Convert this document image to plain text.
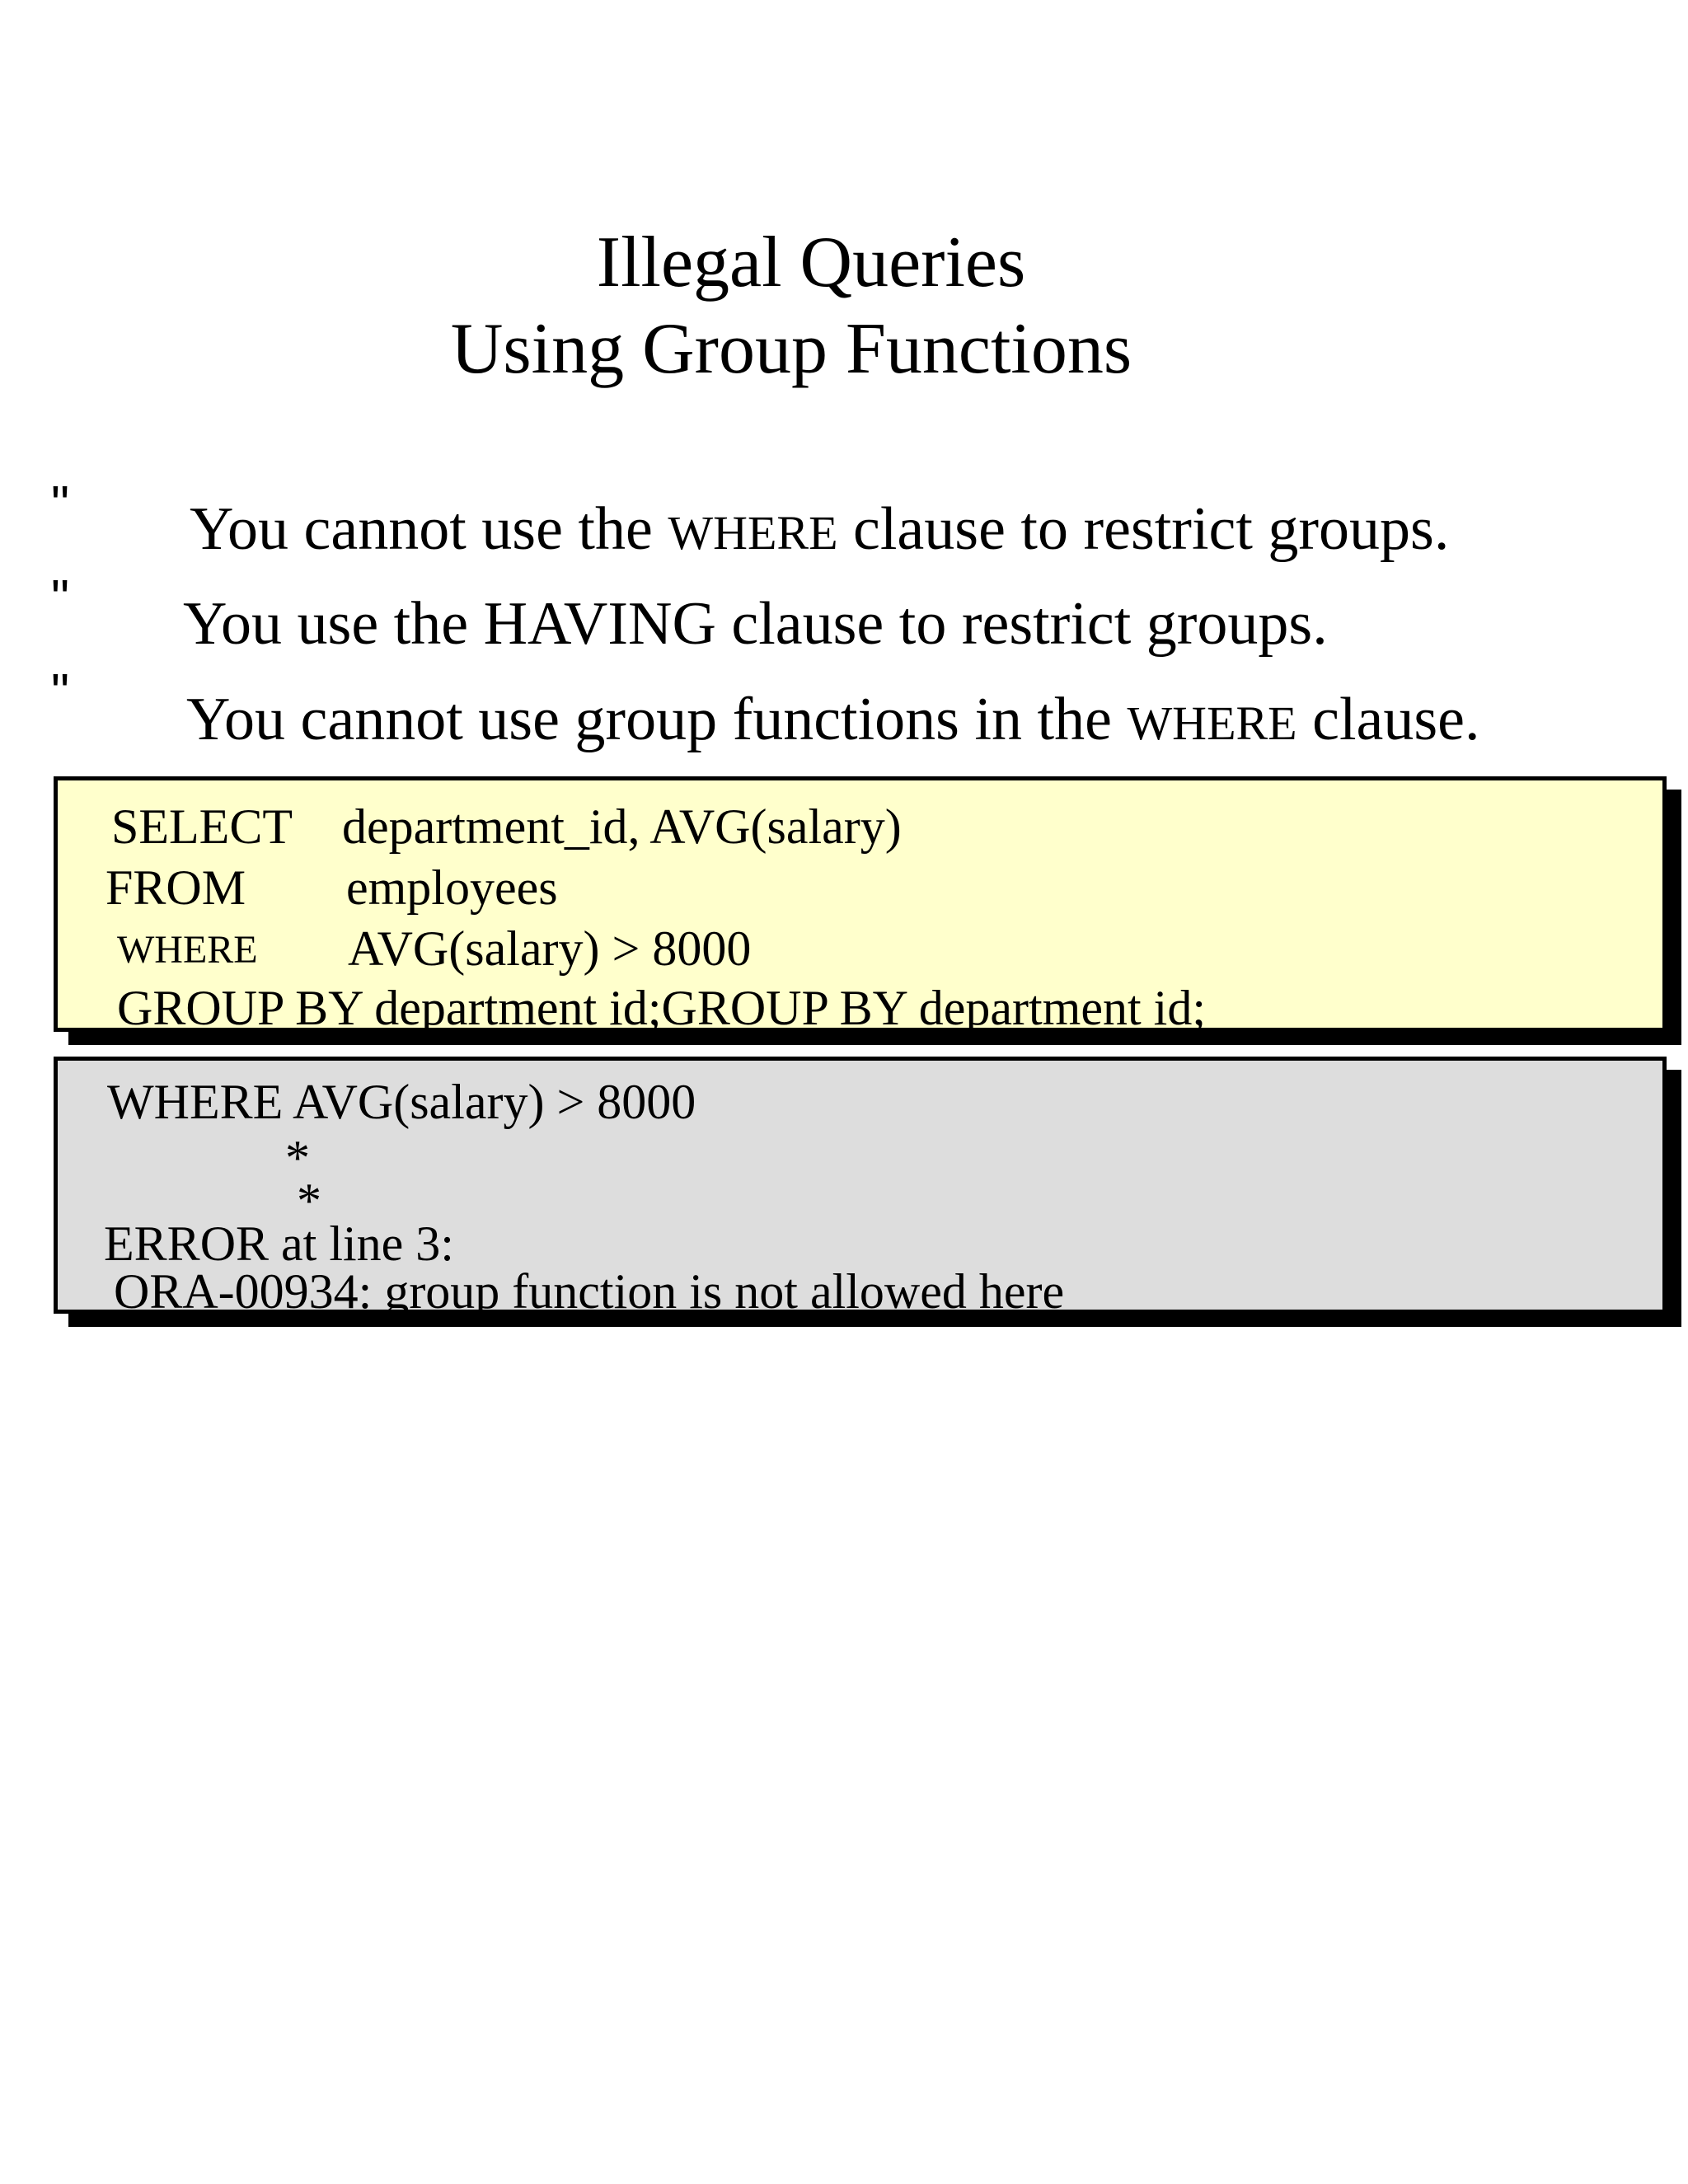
Illegal Queries
Using Group Functions
" You cannot use the WHERE clause to restrict groups.
" You use the HAVING clause to restrict groups.
" You cannot use group functions in the WHERE clause.
SELECT department_id, AVG(salary)
FROM employees
WHERE AVG(salary) > 8000
GROUP BY department id;GROUP BY department id;
WHERE AVG(salary) > 8000
*
*
ERROR at line 3:
ORA-00934: group function is not allowed here
